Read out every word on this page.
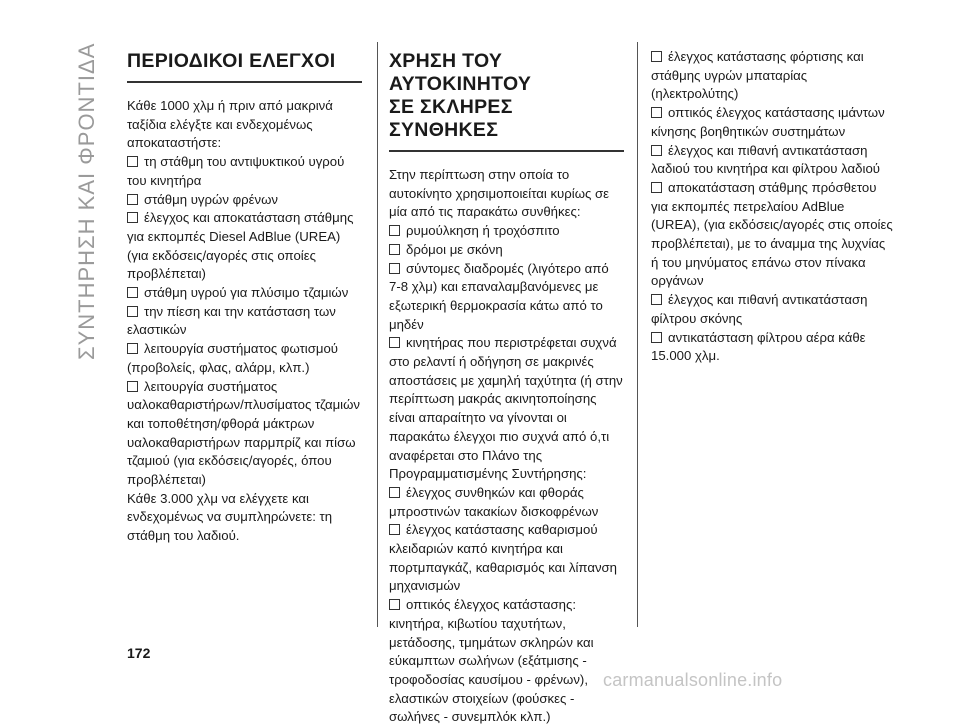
ΣΥΝΤΗΡΗΣΗ ΚΑΙ ΦΡΟΝΤΙΔΑ ΠΕΡΙΟΔΙΚΟΙ ΕΛΕΓΧΟΙ

Κάθε 1000 χλμ ή πριν από μακρινά ταξίδια ελέγξτε και ενδεχομένως αποκαταστήστε:

τη στάθμη του αντιψυκτικού υγρού του κινητήρα

στάθμη υγρών φρένων

έλεγχος και αποκατάσταση στάθμης για εκπομπές Diesel AdBlue (UREA) (για εκδόσεις/αγορές στις οποίες προβλέπεται)

στάθμη υγρού για πλύσιμο τζαμιών

την πίεση και την κατάσταση των ελαστικών

λειτουργία συστήματος φωτισμού (προβολείς, φλας, αλάρμ, κλπ.)

λειτουργία συστήματος υαλοκαθαριστήρων/πλυσίματος τζαμιών και τοποθέτηση/φθορά μάκτρων υαλοκαθαριστήρων παρμπρίζ και πίσω τζαμιού (για εκδόσεις/αγορές, όπου προβλέπεται)

Κάθε 3.000 χλμ να ελέγχετε και ενδεχομένως να συμπληρώνετε: τη στάθμη του λαδιού.

ΧΡΗΣΗ ΤΟΥ ΑΥΤΟΚΙΝΗΤΟΥ
ΣΕ ΣΚΛΗΡΕΣ ΣΥΝΘΗΚΕΣ

Στην περίπτωση στην οποία το αυτοκίνητο χρησιμοποιείται κυρίως σε μία από τις παρακάτω συνθήκες:

ρυμούλκηση ή τροχόσπιτο

δρόμοι με σκόνη

σύντομες διαδρομές (λιγότερο από 7-8 χλμ) και επαναλαμβανόμενες με εξωτερική θερμοκρασία κάτω από το μηδέν

κινητήρας που περιστρέφεται συχνά στο ρελαντί ή οδήγηση σε μακρινές αποστάσεις με χαμηλή ταχύτητα (ή στην περίπτωση μακράς ακινητοποίησης

είναι απαραίτητο να γίνονται οι παρακάτω έλεγχοι πιο συχνά από ό,τι αναφέρεται στο Πλάνο της Προγραμματισμένης Συντήρησης:

έλεγχος συνθηκών και φθοράς μπροστινών τακακίων δισκοφρένων

έλεγχος κατάστασης καθαρισμού κλειδαριών καπό κινητήρα και πορτμπαγκάζ, καθαρισμός και λίπανση μηχανισμών

οπτικός έλεγχος κατάστασης: κινητήρα, κιβωτίου ταχυτήτων, μετάδοσης, τμημάτων σκληρών και εύκαμπτων σωλήνων (εξάτμισης - τροφοδοσίας καυσίμου - φρένων), ελαστικών στοιχείων (φούσκες - σωλήνες - συνεμπλόκ κλπ.)

έλεγχος κατάστασης φόρτισης και στάθμης υγρών μπαταρίας (ηλεκτρολύτης)

οπτικός έλεγχος κατάστασης ιμάντων κίνησης βοηθητικών συστημάτων

έλεγχος και πιθανή αντικατάσταση λαδιού του κινητήρα και φίλτρου λαδιού

αποκατάσταση στάθμης πρόσθετου για εκπομπές πετρελαίου AdBlue (UREA), (για εκδόσεις/αγορές στις οποίες προβλέπεται), με το άναμμα της λυχνίας ή του μηνύματος επάνω στον πίνακα οργάνων

έλεγχος και πιθανή αντικατάσταση φίλτρου σκόνης

αντικατάσταση φίλτρου αέρα κάθε 15.000 χλμ.

172
carmanualsonline.info
